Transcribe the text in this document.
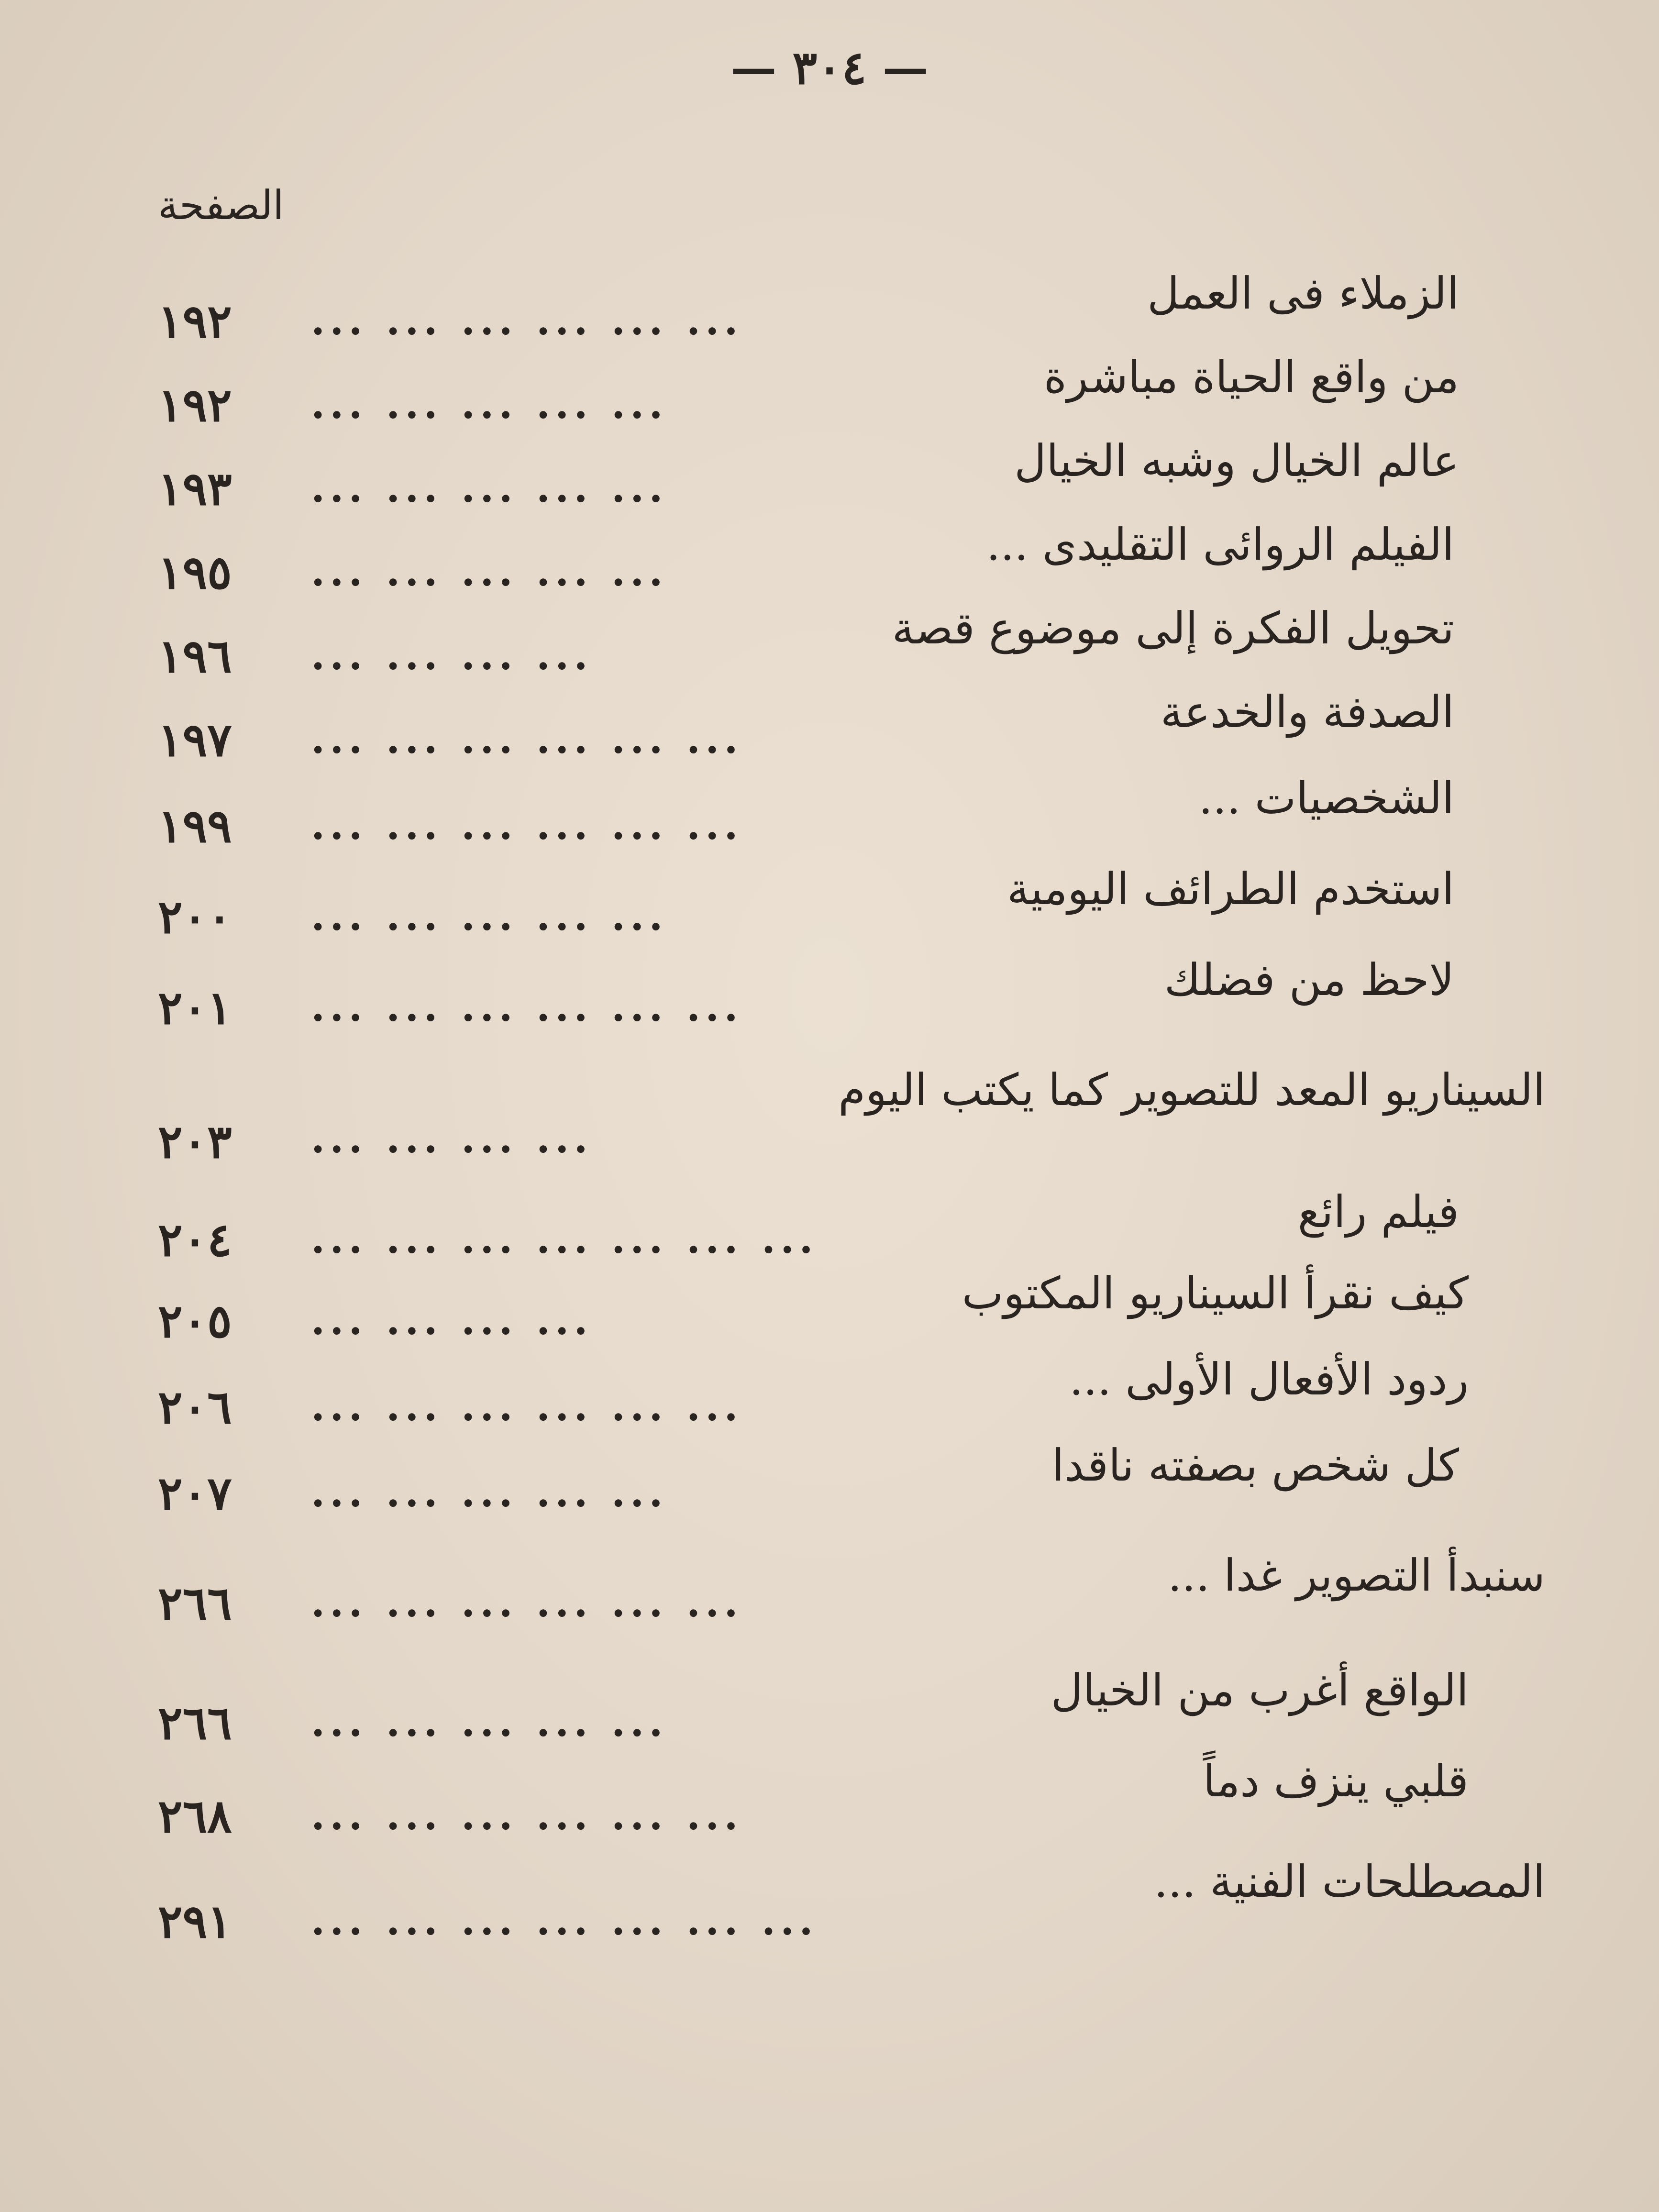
— ٣٠٤ —
الصفحة
الزملاء فى العمل
... ... ... ... ... ...
١٩٢
من واقع الحياة مباشرة
... ... ... ... ...
١٩٢
عالم الخيال وشبه الخيال
... ... ... ... ...
١٩٣
الفيلم الروائى التقليدى ...
... ... ... ... ...
١٩٥
تحويل الفكرة إلى موضوع قصة
... ... ... ...
١٩٦
الصدفة والخدعة
... ... ... ... ... ...
١٩٧
الشخصيات ...
... ... ... ... ... ...
١٩٩
استخدم الطرائف اليومية
... ... ... ... ...
٢٠٠
لاحظ من فضلك
... ... ... ... ... ...
٢٠١
السيناريو المعد للتصوير كما يكتب اليوم
... ... ... ...
٢٠٣
فيلم رائع
... ... ... ... ... ... ...
٢٠٤
كيف نقرأ السيناريو المكتوب
... ... ... ...
٢٠٥
ردود الأفعال الأولى ...
... ... ... ... ... ...
٢٠٦
كل شخص بصفته ناقدا
... ... ... ... ...
٢٠٧
سنبدأ التصوير غدا ...
... ... ... ... ... ...
٢٦٦
الواقع أغرب من الخيال
... ... ... ... ...
٢٦٦
قلبي ينزف دماً
... ... ... ... ... ...
٢٦٨
المصطلحات الفنية ...
... ... ... ... ... ... ...
٢٩١
